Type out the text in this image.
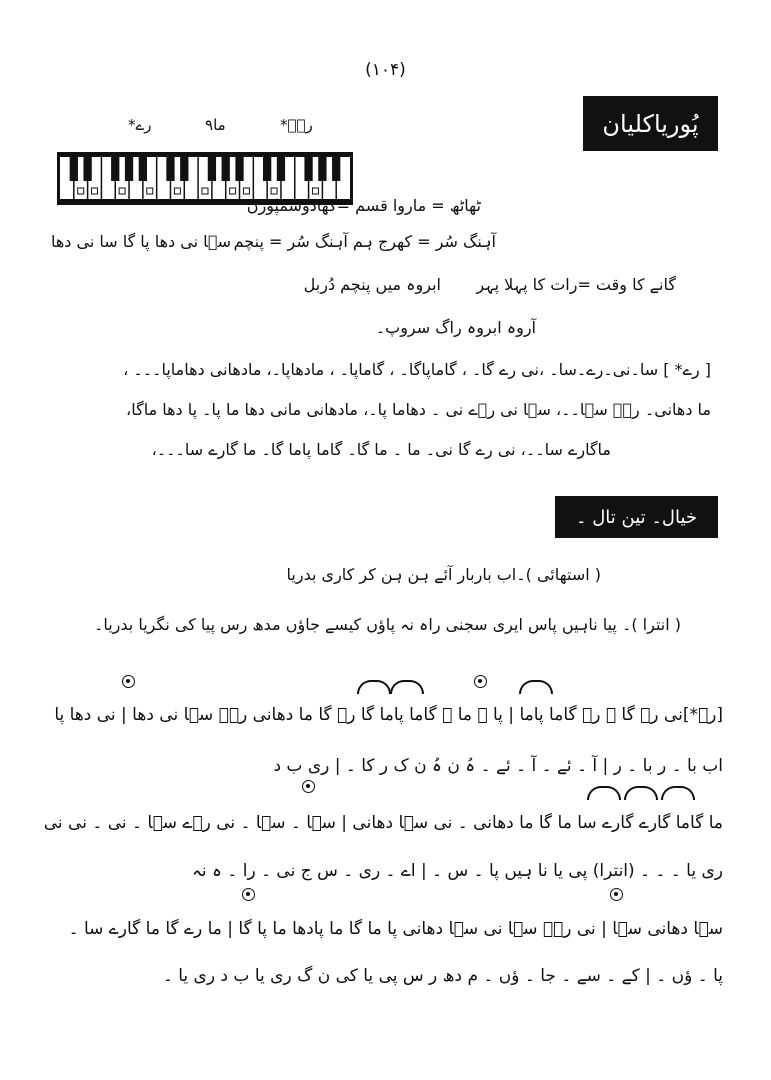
(۱۰۴)
پُوریاکلیان
رےؔ*
ما۹
رے*
ٹھاٹھ = ماروا قسم =کھاڈوسمپُورن
آہنگ سُر = کھرج ہم آہنگ سُر = پنچم
سؔا نی دھا پا گا سا نی دھا
گانے کا وقت =رات کا پہلا پہر
ابروہ میں پنچم دُربل
آروہ ابروہ راگ سروپ۔
[ رے* ] سا۔نی۔رے۔سا۔ ،نی رے گا۔ ، گاماپاگا۔ ، گاماپا۔ ، مادھاپا۔، مادھانی دھاماپا۔۔۔ ،
ما دھانی۔ رےؔ سؔا۔۔، سؔا نی رؔے نی ۔ دھاما پا۔، مادھانی مانی دھا ما پا۔ پا دھا ماگا،
ماگارے سا۔۔، نی رے گا نی۔ ما ۔ ما گا۔ گاما پاما گا۔ ما گارے سا۔۔۔،
خیال۔ تین تال ۔
( استھائی )۔اب باربار آئے ہن ہن کر کاری بدریا
( انترا )۔ پیا ناہیں پاس ایری سجنی راہ نہ پاؤں کیسے جاؤں مدھ رس پیا کی نگریا بدریا۔
[رے*]نی رے گا ۔ رے گاما پاما | پا ۔ ما ۔ گاما پاما گا رے گا ما دھانی رےؔ سؔا نی دھا | نی دھا پا
اب با ۔ ر با ۔ ر | آ ۔ ئے ۔ آ ۔ ئے ۔ ہُ ن ہُ ن ک ر کا ۔ | ری ب د
ما گاما گارے گارے سا ما گا ما دھانی ۔ نی سؔا دھانی | سؔا ۔ سؔا ۔ نی رؔے سؔا ۔ نی ۔ نی نی
ری یا ۔ ۔ ۔ (انترا) پی یا نا ہیں پا ۔ س ۔ | اے ۔ ری ۔ س ج نی ۔ را ۔ ہ نہ
سؔا دھانی سؔا | نی رےؔ سؔا نی سؔا دھانی پا ما گا ما پادھا ما پا گا | ما رے گا ما گارے سا ۔
پا ۔ ؤں ۔ | کے ۔ سے ۔ جا ۔ ؤں ۔ م دھ ر س پی یا کی ن گ ری یا ب د ری یا ۔
